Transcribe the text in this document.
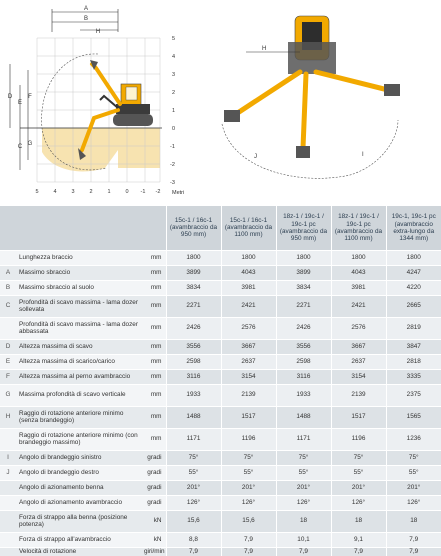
A
B
H
D
E
F
C G
5
4
3
2
1
0
-1
-2
-3
5	4	3	2	1	0 -1 -2 Metri
H
J	I
			15c-1 / 16c-1 (avambraccio da 950 mm)	15c-1 / 16c-1 (avambraccio da 1100 mm)	18z-1 / 19c-1 / 19c-1 pc (avambraccio da 950 mm)	18z-1 / 19c-1 / 19c-1 pc (avambraccio da 1100 mm)	19c-1, 19c-1 pc (avambraccio extra-lungo da 1344 mm)
	Lunghezza braccio	mm	1800	1800	1800	1800	1800
A	Massimo sbraccio	mm	3899	4043	3899	4043	4247
B	Massimo sbraccio al suolo	mm	3834	3981	3834	3981	4220
C	Profondità di scavo massima - lama dozer sollevata	mm	2271	2421	2271	2421	2665
	Profondità di scavo massima - lama dozer abbassata	mm	2426	2576	2426	2576	2819
D	Altezza massima di scavo	mm	3556	3667	3556	3667	3847
E	Altezza massima di scarico/carico	mm	2598	2637	2598	2637	2818
F	Altezza massima al perno avambraccio	mm	3116	3154	3116	3154	3335
G	Massima profondità di scavo verticale	mm	1933	2139	1933	2139	2375
H	Raggio di rotazione anteriore minimo (senza brandeggio)	mm	1488	1517	1488	1517	1565
	Raggio di rotazione anteriore minimo (con brandeggio massimo)	mm	1171	1196	1171	1196	1236
I	Angolo di brandeggio sinistro	gradi	75°	75°	75°	75°	75°
J	Angolo di brandeggio destro	gradi	55°	55°	55°	55°	55°
	Angolo di azionamento benna	gradi	201°	201°	201°	201°	201°
	Angolo di azionamento avambraccio	gradi	126°	126°	126°	126°	126°
	Forza di strappo alla benna (posizione potenza)	kN	15,6	15,6	18	18	18
	Forza di strappo all'avambraccio	kN	8,8	7,9	10,1	9,1	7,9
	Velocità di rotazione	giri/min	7,9	7,9	7,9	7,9	7,9
